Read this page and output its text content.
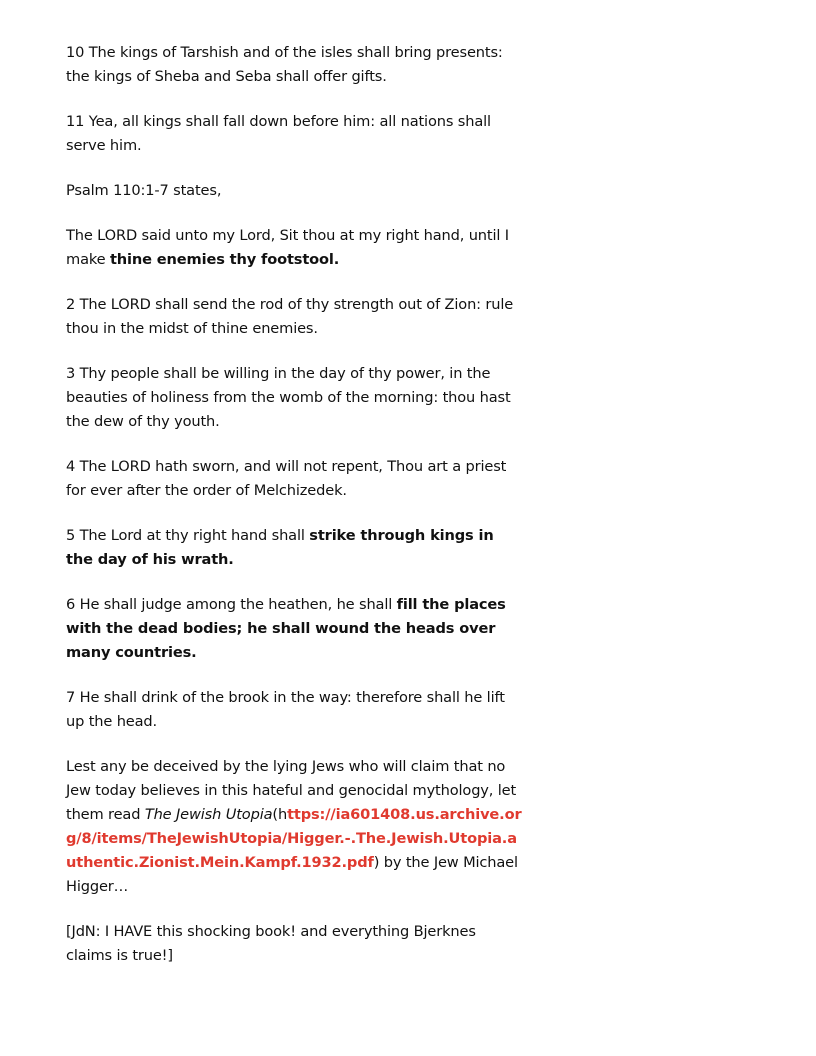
10 The kings of Tarshish and of the isles shall bring presents: the kings of Sheba and Seba shall offer gifts.

11 Yea, all kings shall fall down before him: all nations shall serve him.

Psalm 110:1-7 states,

The LORD said unto my Lord, Sit thou at my right hand, until I make thine enemies thy footstool.

2 The LORD shall send the rod of thy strength out of Zion: rule thou in the midst of thine enemies.

3 Thy people shall be willing in the day of thy power, in the beauties of holiness from the womb of the morning: thou hast the dew of thy youth.

4 The LORD hath sworn, and will not repent, Thou art a priest for ever after the order of Melchizedek.

5 The Lord at thy right hand shall strike through kings in the day of his wrath.

6 He shall judge among the heathen, he shall fill the places with the dead bodies; he shall wound the heads over many countries.

7 He shall drink of the brook in the way: therefore shall he lift up the head.

Lest any be deceived by the lying Jews who will claim that no Jew today believes in this hateful and genocidal mythology, let them read The Jewish Utopia(https://ia601408.us.archive.org/8/items/TheJewishUtopia/Higger.-.The.Jewish.Utopia.authentic.Zionist.Mein.Kampf.1932.pdf) by the Jew Michael Higger…

[JdN: I HAVE this shocking book! and everything Bjerknes claims is true!]
